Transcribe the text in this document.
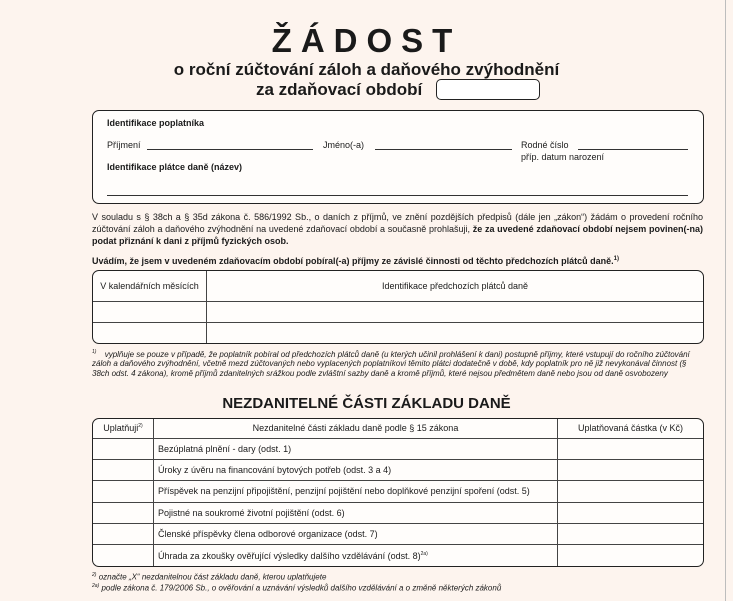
ŽÁDOST
o roční zúčtování záloh a daňového zvýhodnění
za zdaňovací období
Identifikace poplatníka
Příjmení	Jméno(-a)	Rodné číslo
příp. datum narození
Identifikace plátce daně (název)
V souladu s § 38ch a § 35d zákona č. 586/1992 Sb., o daních z příjmů, ve znění pozdějších předpisů (dále jen „zákon“) žádám o provedení ročního zúčtování záloh a daňového zvýhodnění na uvedené zdaňovací období a současně prohlašuji, že za uvedené zdaňovací období nejsem povinen(-na) podat přiznání k dani z příjmů fyzických osob.
Uvádím, že jsem v uvedeném zdaňovacím období pobíral(-a) příjmy ze závislé činnosti od těchto předchozích plátců daně.$^{1)}$
V kalendářních měsících	Identifikace předchozích plátců daně

$^{1)}$ vyplňuje se pouze v případě, že poplatník pobíral od předchozích plátců daně (u kterých učinil prohlášení k dani) postupně příjmy, které vstupují do ročního zúčtování záloh a daňového zvýhodnění, včetně mezd zúčtovaných nebo vyplacených poplatníkovi těmito plátci dodatečně v době, kdy poplatník pro ně již nevykonával činnost (§ 38ch odst. 4 zákona), kromě příjmů zdanitelných srážkou podle zvláštní sazby daně a kromě příjmů, které nejsou předmětem daně nebo jsou od daně osvobozeny
NEZDANITELNÉ ČÁSTI ZÁKLADU DANĚ
Uplatňuji$^{2)}$	Nezdanitelné části základu daně podle § 15 zákona	Uplatňovaná částka (v Kč)
	Bezúplatná plnění - dary (odst. 1)	
	Úroky z úvěru na financování bytových potřeb (odst. 3 a 4)	
	Příspěvek na penzijní připojištění, penzijní pojištění nebo doplňkové penzijní spoření (odst. 5)	
	Pojistné na soukromé životní pojištění (odst. 6)	
	Členské příspěvky člena odborové organizace (odst. 7)	
	Úhrada za zkoušky ověřující výsledky dalšího vzdělávání (odst. 8)$^{2a)}$	
$^{2)}$ označte „X“ nezdanitelnou část základu daně, kterou uplatňujete
$^{2a)}$ podle zákona č. 179/2006 Sb., o ověřování a uznávání výsledků dalšího vzdělávání a o změně některých zákonů
